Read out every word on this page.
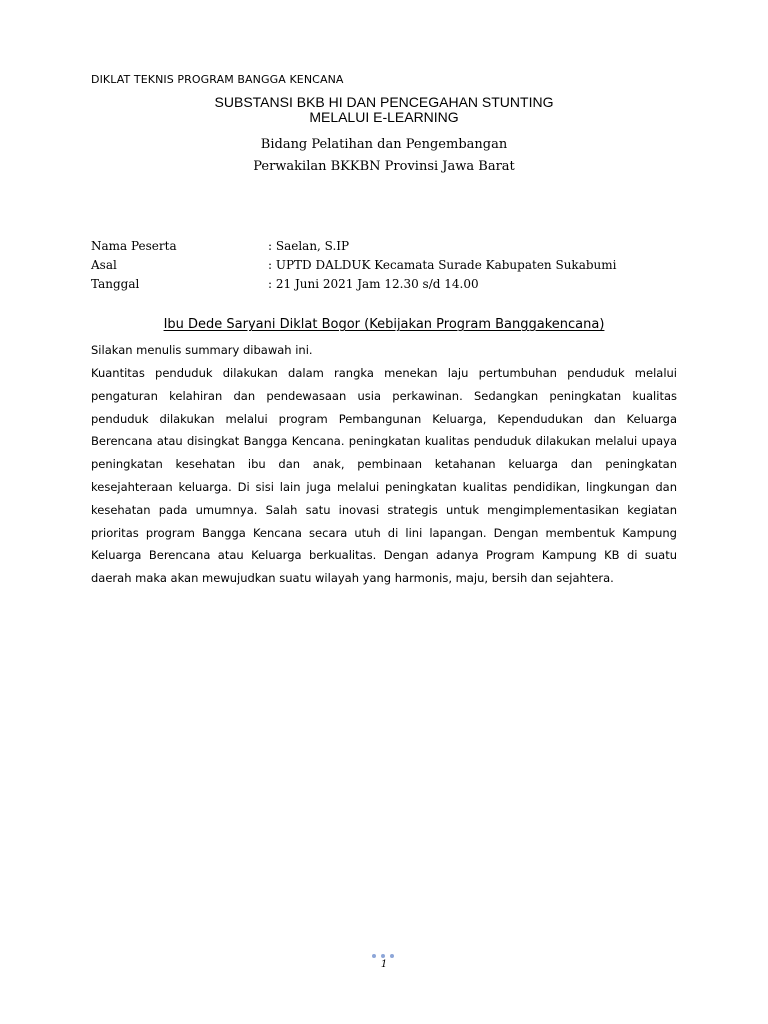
DIKLAT TEKNIS PROGRAM BANGGA KENCANA
SUBSTANSI BKB HI DAN PENCEGAHAN STUNTING
MELALUI E-LEARNING
Bidang Pelatihan dan Pengembangan
Perwakilan BKKBN Provinsi Jawa Barat
Nama Peserta	: Saelan, S.IP
Asal	: UPTD DALDUK Kecamata Surade Kabupaten Sukabumi
Tanggal	: 21 Juni 2021 Jam 12.30 s/d 14.00
Ibu Dede Saryani Diklat Bogor (Kebijakan Program Banggakencana)
Silakan menulis summary dibawah ini.
Kuantitas penduduk dilakukan dalam rangka menekan laju pertumbuhan penduduk melalui pengaturan kelahiran dan pendewasaan usia perkawinan. Sedangkan peningkatan kualitas penduduk dilakukan melalui program Pembangunan Keluarga, Kependudukan dan Keluarga Berencana atau disingkat Bangga Kencana. peningkatan kualitas penduduk dilakukan melalui upaya peningkatan kesehatan ibu dan anak, pembinaan ketahanan keluarga dan peningkatan kesejahteraan keluarga. Di sisi lain juga melalui peningkatan kualitas pendidikan, lingkungan dan kesehatan pada umumnya. Salah satu inovasi strategis untuk mengimplementasikan kegiatan prioritas program Bangga Kencana secara utuh di lini lapangan. Dengan membentuk Kampung Keluarga Berencana atau Keluarga berkualitas. Dengan adanya Program Kampung KB di suatu daerah maka akan mewujudkan suatu wilayah yang harmonis, maju, bersih dan sejahtera.
1
